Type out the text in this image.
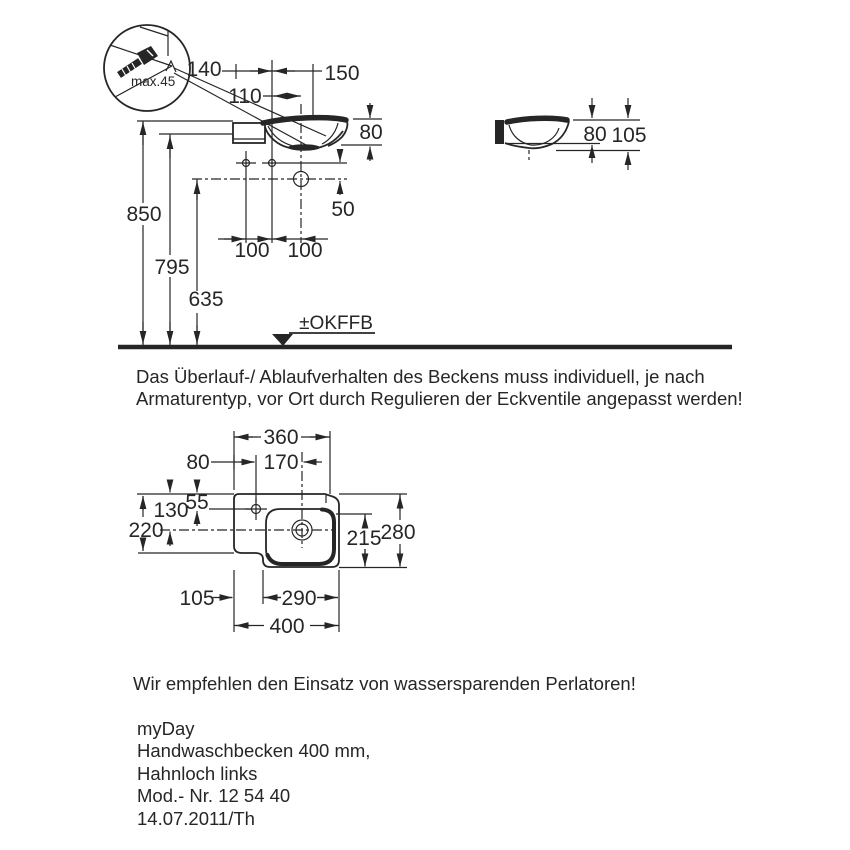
max.45
140	150
110
850
795
635
100 100
50
80	80 105
±OKFFB
360
80	170
55
130
220	215
280
105	290
400
Das Überlauf-/ Ablaufverhalten des Beckens muss individuell, je nach
Armaturentyp, vor Ort durch Regulieren der Eckventile angepasst werden!
Wir empfehlen den Einsatz von wassersparenden Perlatoren!
myDay
Handwaschbecken 400 mm,
Hahnloch links
Mod.- Nr. 12 54 40
14.07.2011/Th
